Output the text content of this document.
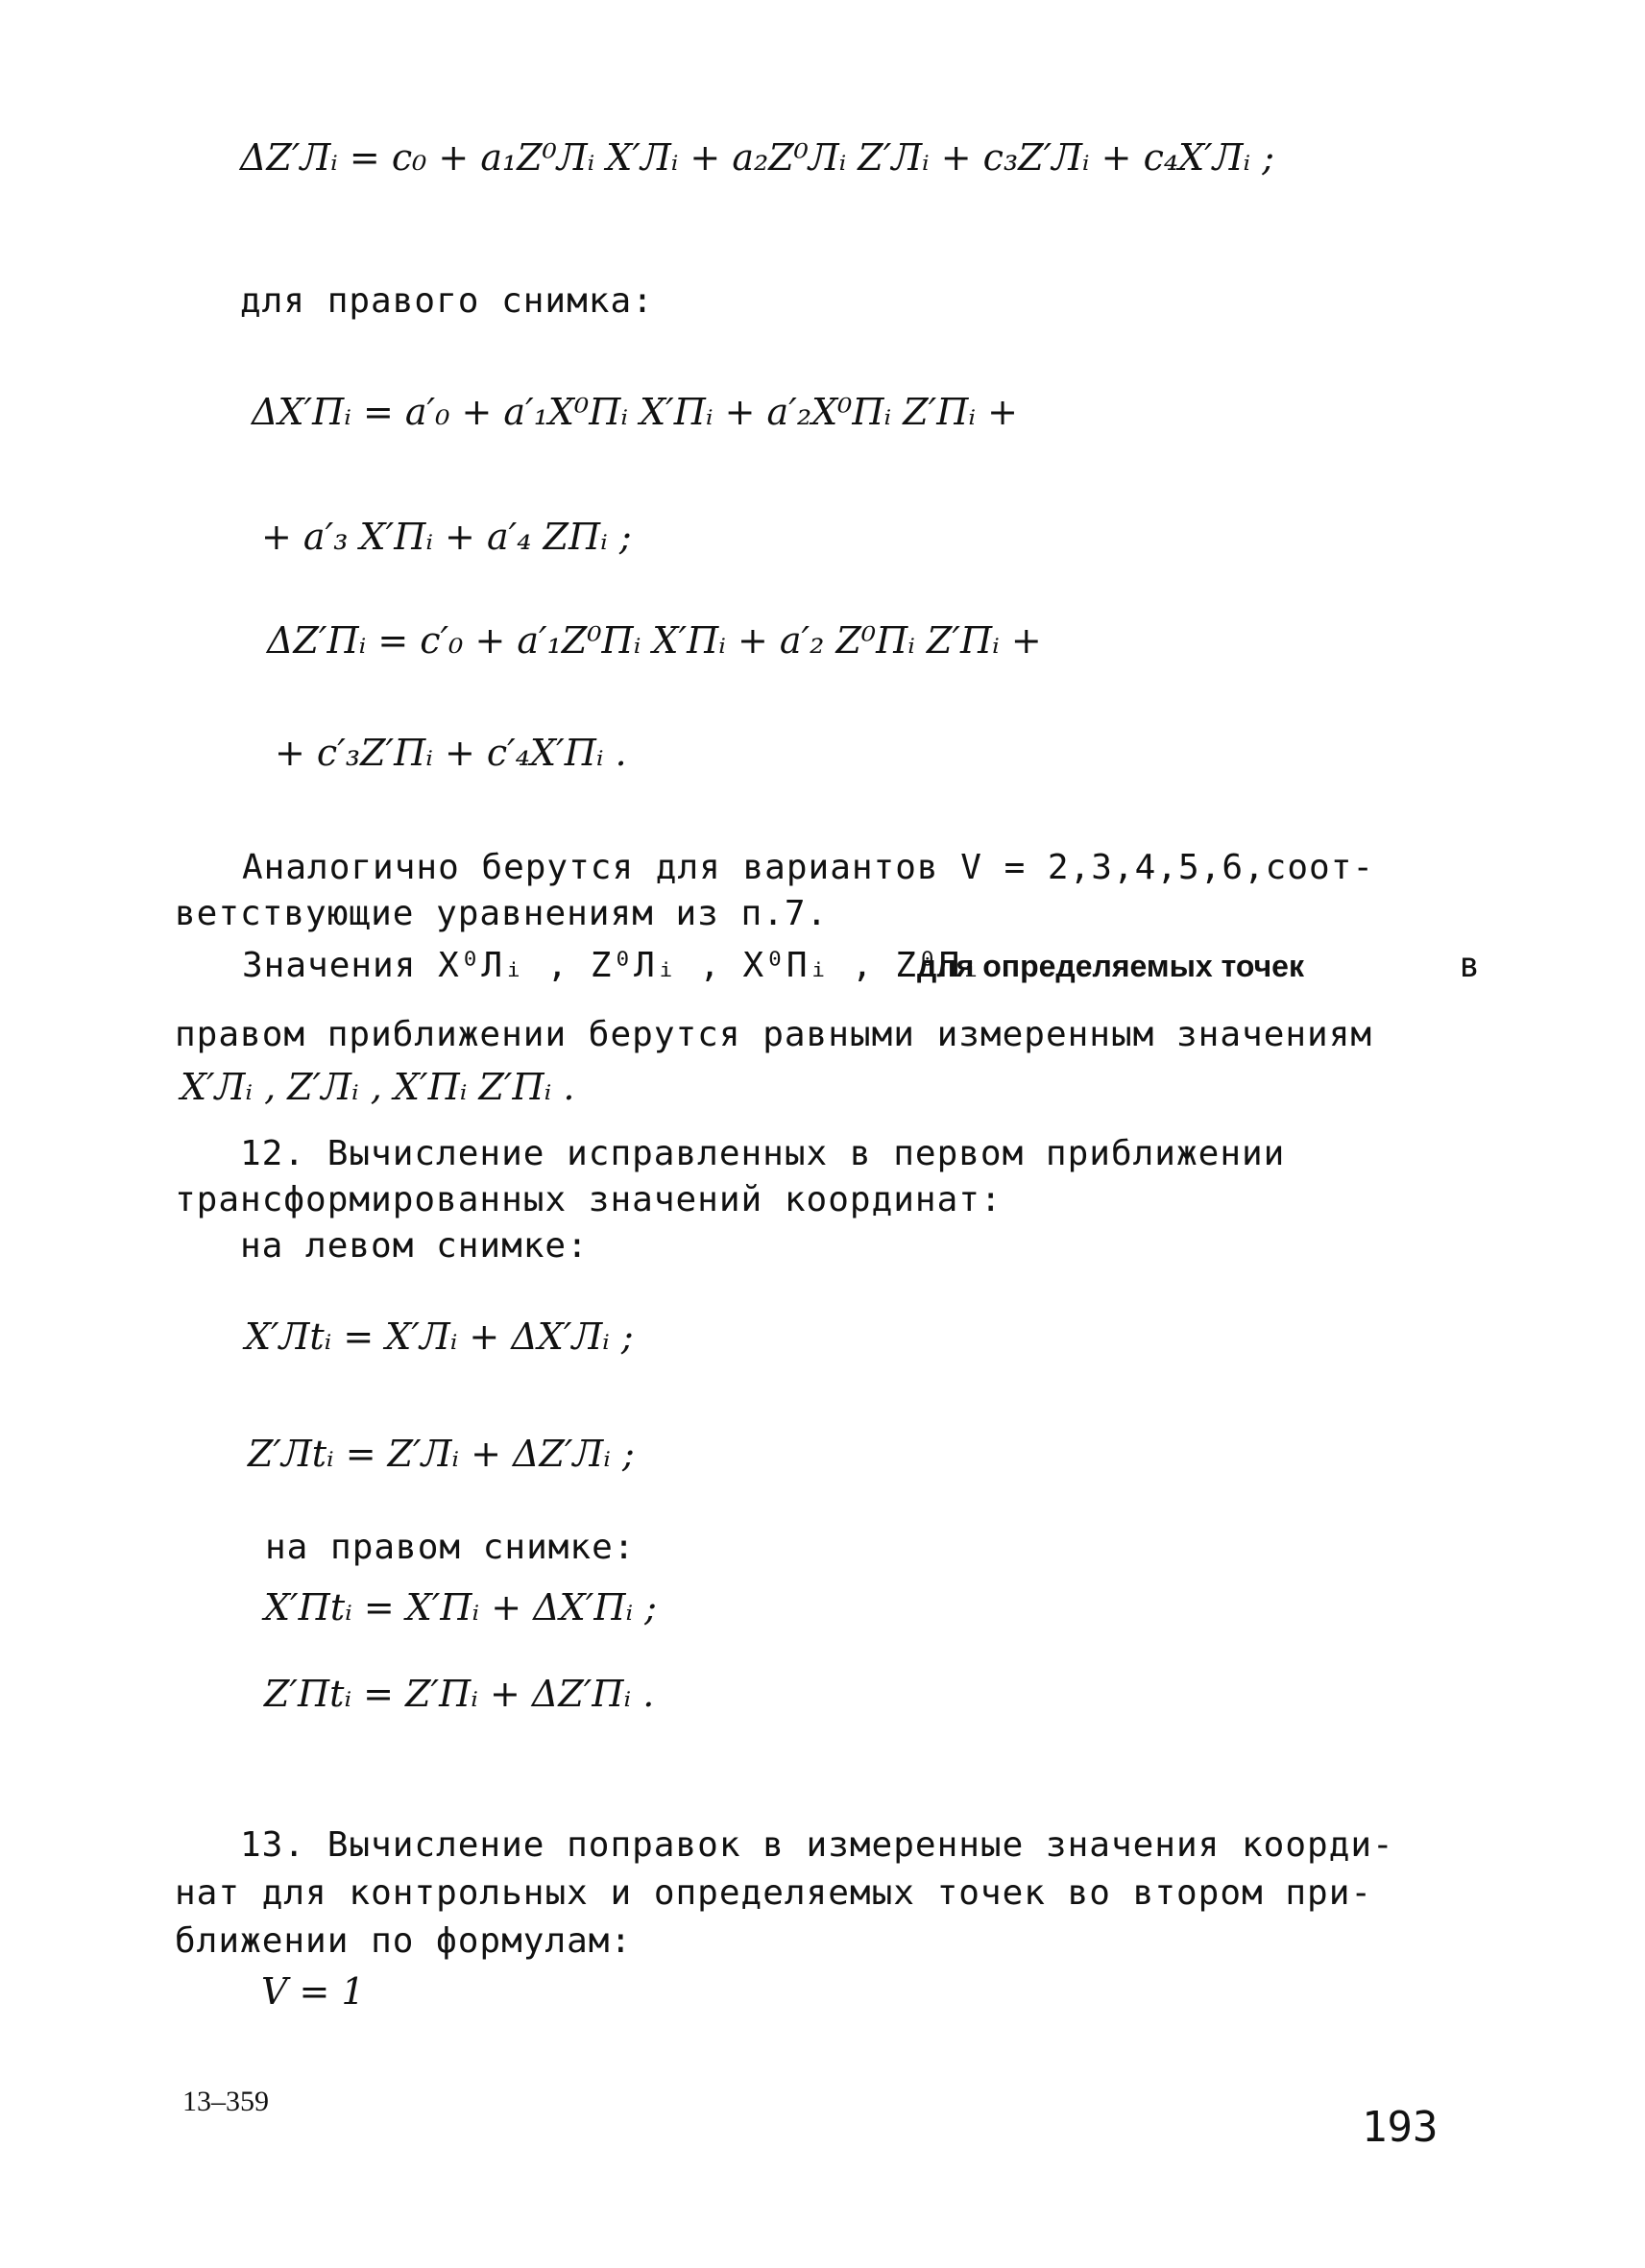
ΔZ′Лᵢ = c₀ + a₁Z⁰Лᵢ X′Лᵢ + a₂Z⁰Лᵢ Z′Лᵢ + c₃Z′Лᵢ + c₄X′Лᵢ ;
для правого снимка:
ΔX′Пᵢ = a′₀ + a′₁X⁰Пᵢ X′Пᵢ + a′₂X⁰Пᵢ Z′Пᵢ +
+ a′₃ X′Пᵢ + a′₄ ZПᵢ ;
ΔZ′Пᵢ = c′₀ + a′₁Z⁰Пᵢ X′Пᵢ + a′₂ Z⁰Пᵢ Z′Пᵢ +
+ c′₃Z′Пᵢ + c′₄X′Пᵢ .
Аналогично берутся для вариантов V = 2,3,4,5,6,соот-
ветствующие уравнениям из п.7.
Значения X⁰Лᵢ , Z⁰Лᵢ , X⁰Пᵢ , Z⁰Пᵢ
для определяемых точек	в
правом приближении берутся равными измеренным значениям
X′Лᵢ , Z′Лᵢ , X′Пᵢ Z′Пᵢ .
12. Вычисление исправленных в первом приближении
трансформированных значений координат:
на левом снимке:
X′Лtᵢ = X′Лᵢ + ΔX′Лᵢ ;
Z′Лtᵢ = Z′Лᵢ + ΔZ′Лᵢ ;
на правом снимке:
X′Пtᵢ = X′Пᵢ + ΔX′Пᵢ ;
Z′Пtᵢ = Z′Пᵢ + ΔZ′Пᵢ .
13. Вычисление поправок в измеренные значения коорди-
нат для контрольных и определяемых точек во втором при-
ближении по формулам:
V = 1
13–359
193
